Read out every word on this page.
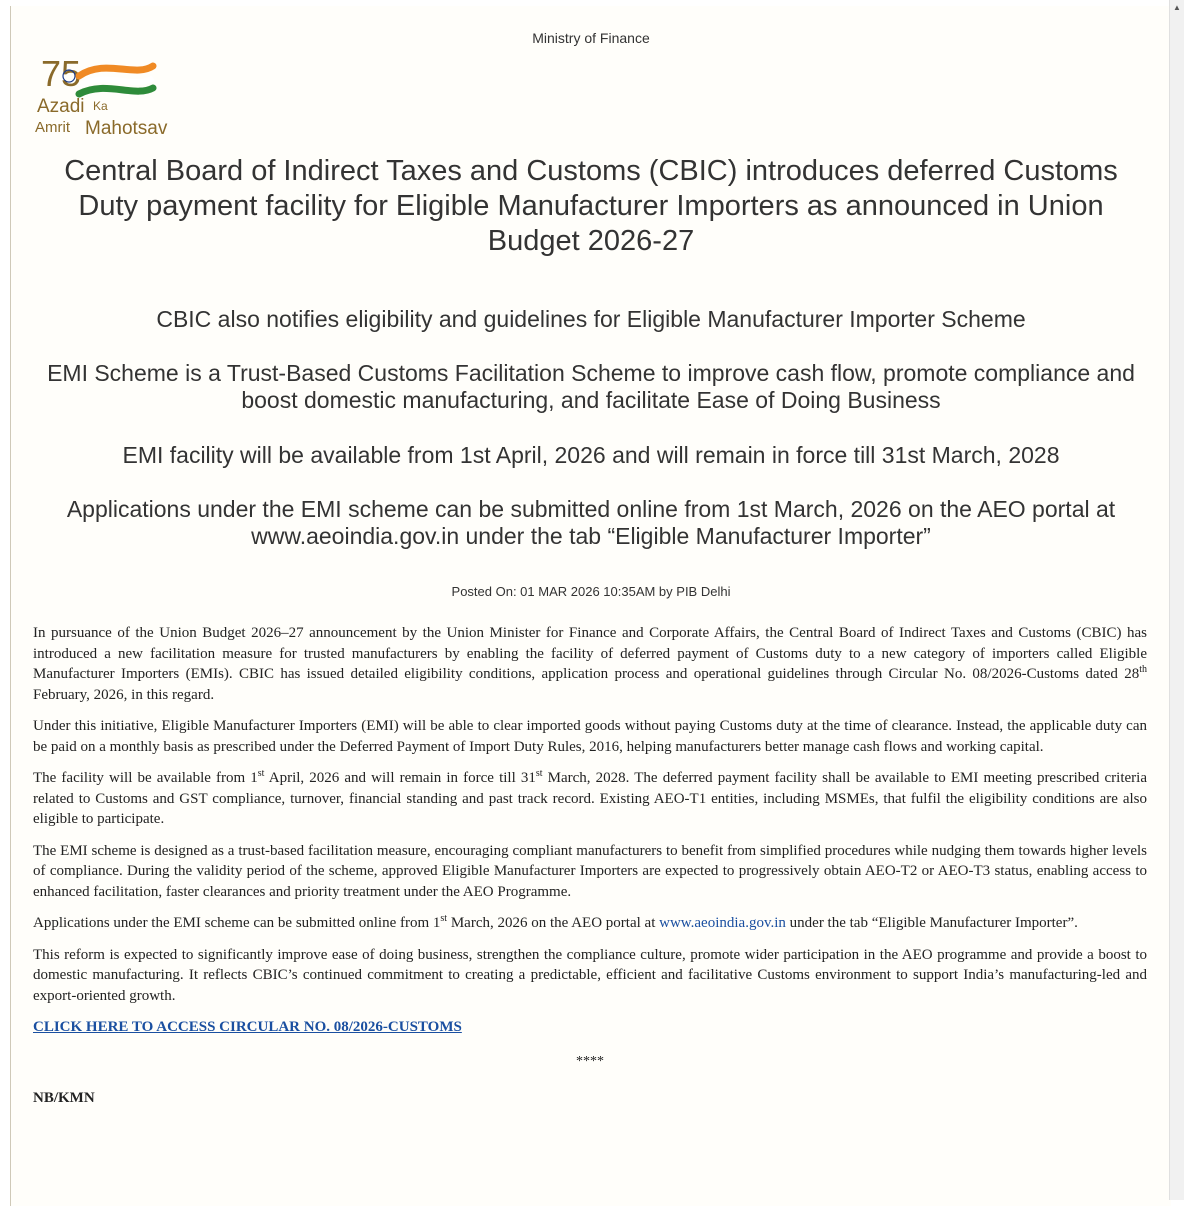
Ministry of Finance
75
Azadi Ka
Amrit Mahotsav
Central Board of Indirect Taxes and Customs (CBIC) introduces deferred Customs Duty payment facility for Eligible Manufacturer Importers as announced in Union Budget 2026-27
CBIC also notifies eligibility and guidelines for Eligible Manufacturer Importer Scheme
EMI Scheme is a Trust-Based Customs Facilitation Scheme to improve cash flow, promote compliance and boost domestic manufacturing, and facilitate Ease of Doing Business
EMI facility will be available from 1st April, 2026 and will remain in force till 31st March, 2028
Applications under the EMI scheme can be submitted online from 1st March, 2026 on the AEO portal at www.aeoindia.gov.in under the tab “Eligible Manufacturer Importer”
Posted On: 01 MAR 2026 10:35AM by PIB Delhi

In pursuance of the Union Budget 2026–27 announcement by the Union Minister for Finance and Corporate Affairs, the Central Board of Indirect Taxes and Customs (CBIC) has introduced a new facilitation measure for trusted manufacturers by enabling the facility of deferred payment of Customs duty to a new category of importers called Eligible Manufacturer Importers (EMIs). CBIC has issued detailed eligibility conditions, application process and operational guidelines through Circular No. 08/2026-Customs dated 28th February, 2026, in this regard.

Under this initiative, Eligible Manufacturer Importers (EMI) will be able to clear imported goods without paying Customs duty at the time of clearance. Instead, the applicable duty can be paid on a monthly basis as prescribed under the Deferred Payment of Import Duty Rules, 2016, helping manufacturers better manage cash flows and working capital.

The facility will be available from 1st April, 2026 and will remain in force till 31st March, 2028. The deferred payment facility shall be available to EMI meeting prescribed criteria related to Customs and GST compliance, turnover, financial standing and past track record. Existing AEO-T1 entities, including MSMEs, that fulfil the eligibility conditions are also eligible to participate.

The EMI scheme is designed as a trust-based facilitation measure, encouraging compliant manufacturers to benefit from simplified procedures while nudging them towards higher levels of compliance. During the validity period of the scheme, approved Eligible Manufacturer Importers are expected to progressively obtain AEO-T2 or AEO-T3 status, enabling access to enhanced facilitation, faster clearances and priority treatment under the AEO Programme.

Applications under the EMI scheme can be submitted online from 1st March, 2026 on the AEO portal at www.aeoindia.gov.in under the tab “Eligible Manufacturer Importer”.

This reform is expected to significantly improve ease of doing business, strengthen the compliance culture, promote wider participation in the AEO programme and provide a boost to domestic manufacturing. It reflects CBIC’s continued commitment to creating a predictable, efficient and facilitative Customs environment to support India’s manufacturing-led and export-oriented growth.

CLICK HERE TO ACCESS CIRCULAR NO. 08/2026-CUSTOMS
****
NB/KMN
▲
